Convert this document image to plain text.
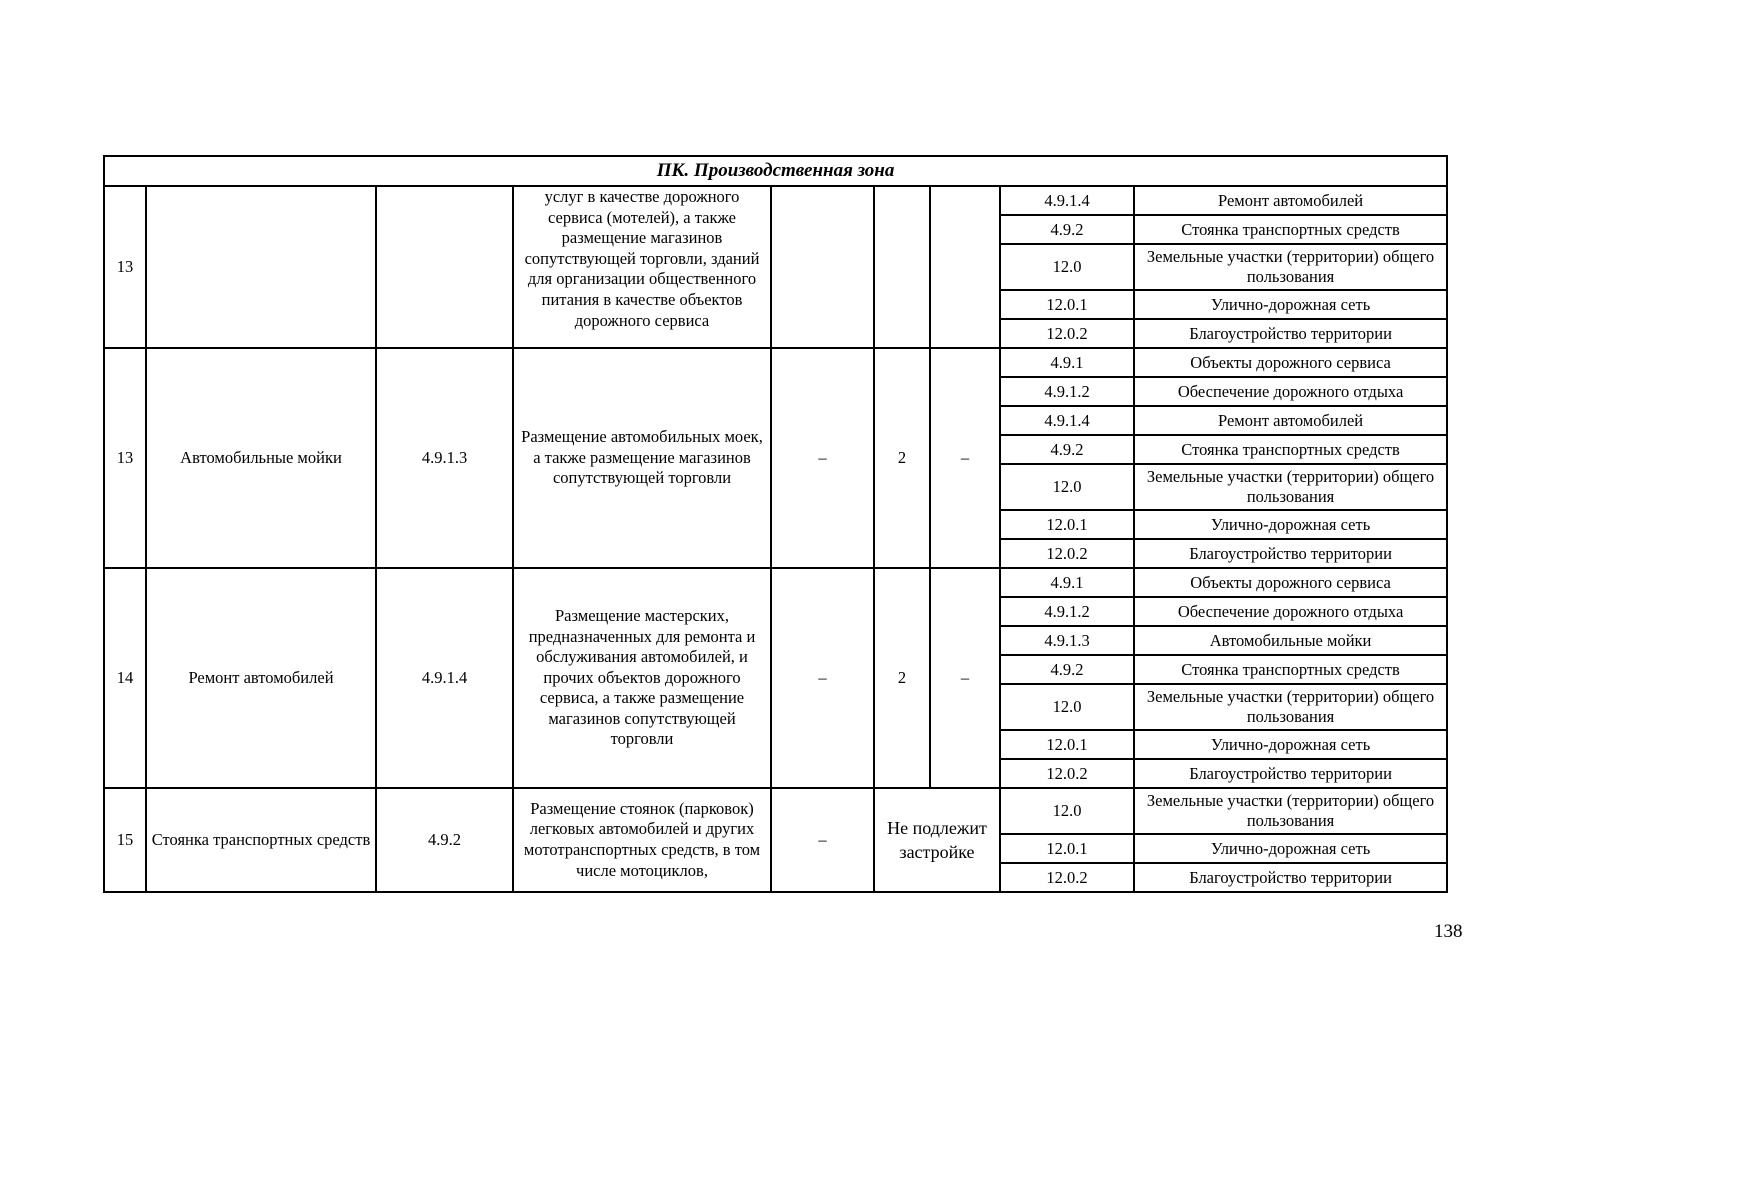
ПК. Производственная зона								
13			услуг в качестве дорожного сервиса (мотелей), а также размещение магазинов сопутствующей торговли, зданий для организации общественного питания в качестве объектов дорожного сервиса				4.9.1.4	Ремонт автомобилей
							4.9.2	Стоянка транспортных средств
							12.0	Земельные участки (территории) общего пользования
							12.0.1	Улично-дорожная сеть
							12.0.2	Благоустройство территории
13	Автомобильные мойки	4.9.1.3	Размещение автомобильных моек, а также размещение магазинов сопутствующей торговли	–	2	–	4.9.1	Объекты дорожного сервиса
							4.9.1.2	Обеспечение дорожного отдыха
							4.9.1.4	Ремонт автомобилей
							4.9.2	Стоянка транспортных средств
							12.0	Земельные участки (территории) общего пользования
							12.0.1	Улично-дорожная сеть
							12.0.2	Благоустройство территории
14	Ремонт автомобилей	4.9.1.4	Размещение мастерских, предназначенных для ремонта и обслуживания автомобилей, и прочих объектов дорожного сервиса, а также размещение магазинов сопутствующей торговли	–	2	–	4.9.1	Объекты дорожного сервиса
							4.9.1.2	Обеспечение дорожного отдыха
							4.9.1.3	Автомобильные мойки
							4.9.2	Стоянка транспортных средств
							12.0	Земельные участки (территории) общего пользования
							12.0.1	Улично-дорожная сеть
							12.0.2	Благоустройство территории
15	Стоянка транспортных средств	4.9.2	Размещение стоянок (парковок) легковых автомобилей и других мототранспортных средств, в том числе мотоциклов,	–	Не подлежит застройке		12.0	Земельные участки (территории) общего пользования
							12.0.1	Улично-дорожная сеть
							12.0.2	Благоустройство территории
138
